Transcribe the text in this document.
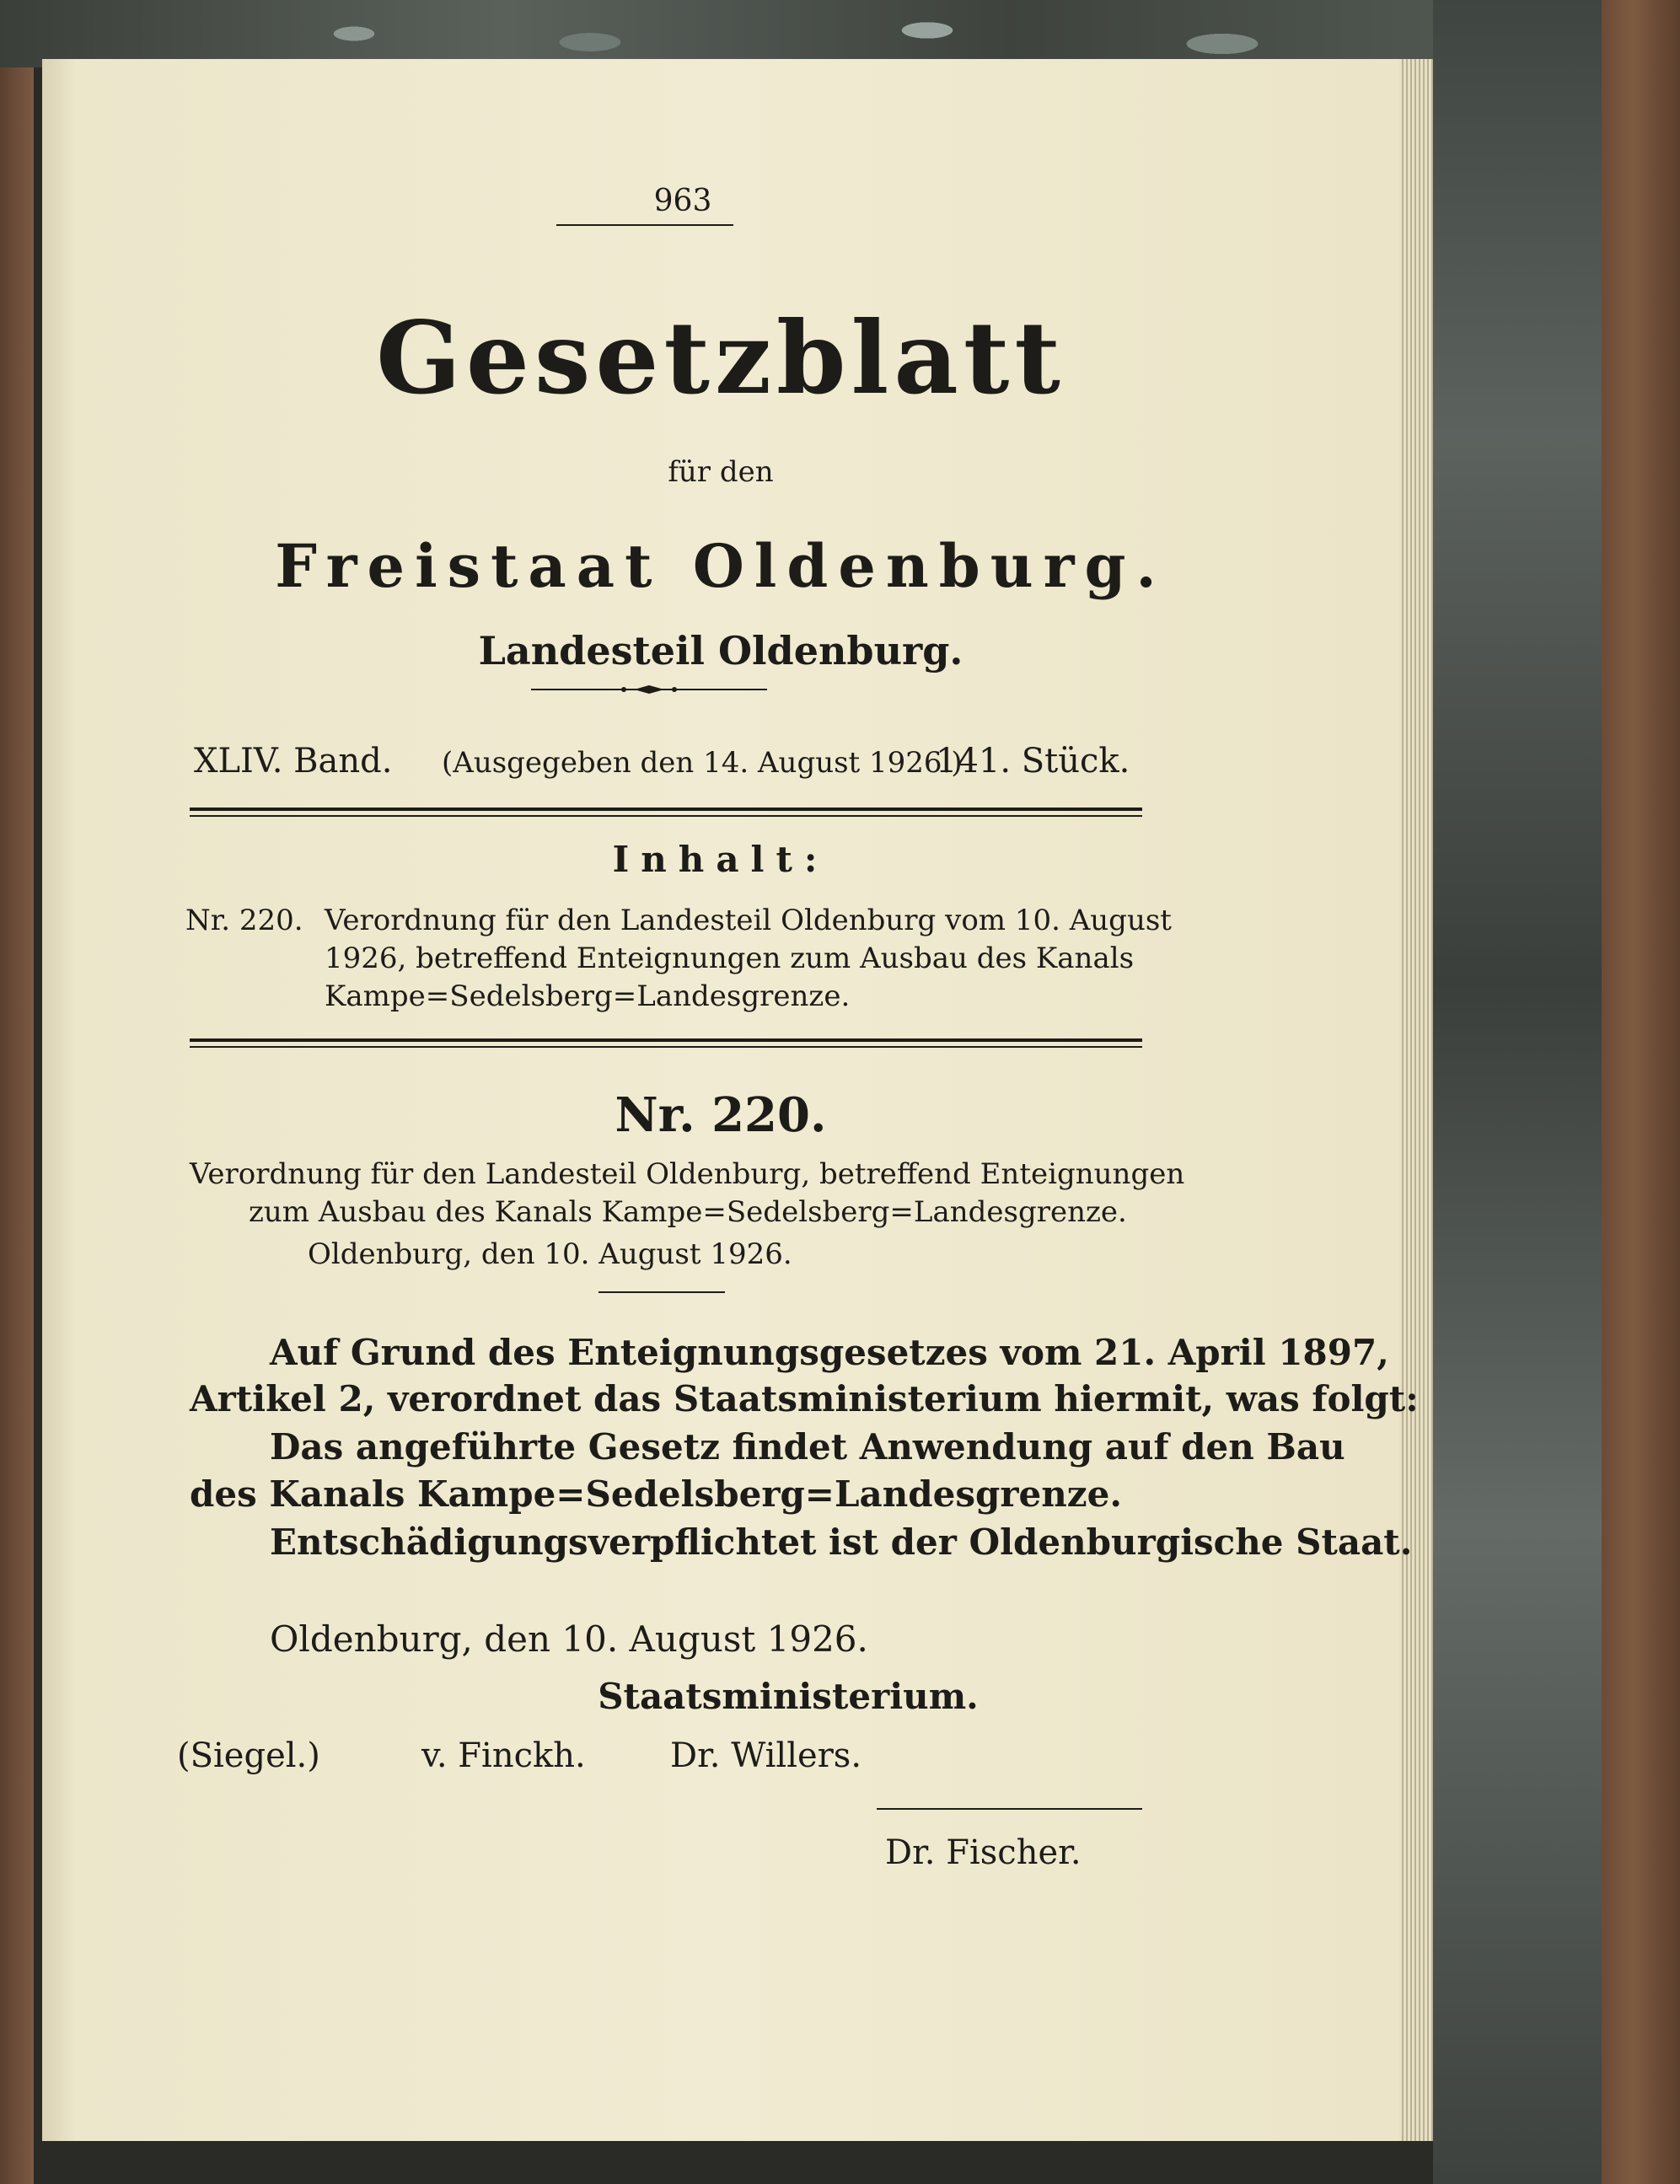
963
Gesetzblatt
für den
Freistaat Oldenburg.
Landesteil Oldenburg.
XLIV. Band. (Ausgegeben den 14. August 1926.)
141. Stück.
Inhalt:
Nr. 220. Verordnung für den Landesteil Oldenburg vom 10. August
1926, betreffend Enteignungen zum Ausbau des Kanals
Kampe=Sedelsberg=Landesgrenze.
Nr. 220.
Verordnung für den Landesteil Oldenburg, betreffend Enteignungen
zum Ausbau des Kanals Kampe=Sedelsberg=Landesgrenze.
Oldenburg, den 10. August 1926.
Auf Grund des Enteignungsgesetzes vom 21. April 1897,
Artikel 2, verordnet das Staatsministerium hiermit, was folgt:
Das angeführte Gesetz findet Anwendung auf den Bau
des Kanals Kampe=Sedelsberg=Landesgrenze.
Entschädigungsverpflichtet ist der Oldenburgische Staat.
Oldenburg, den 10. August 1926.
Staatsministerium.
(Siegel.)	v. Finckh.	Dr. Willers.
Dr. Fischer.
